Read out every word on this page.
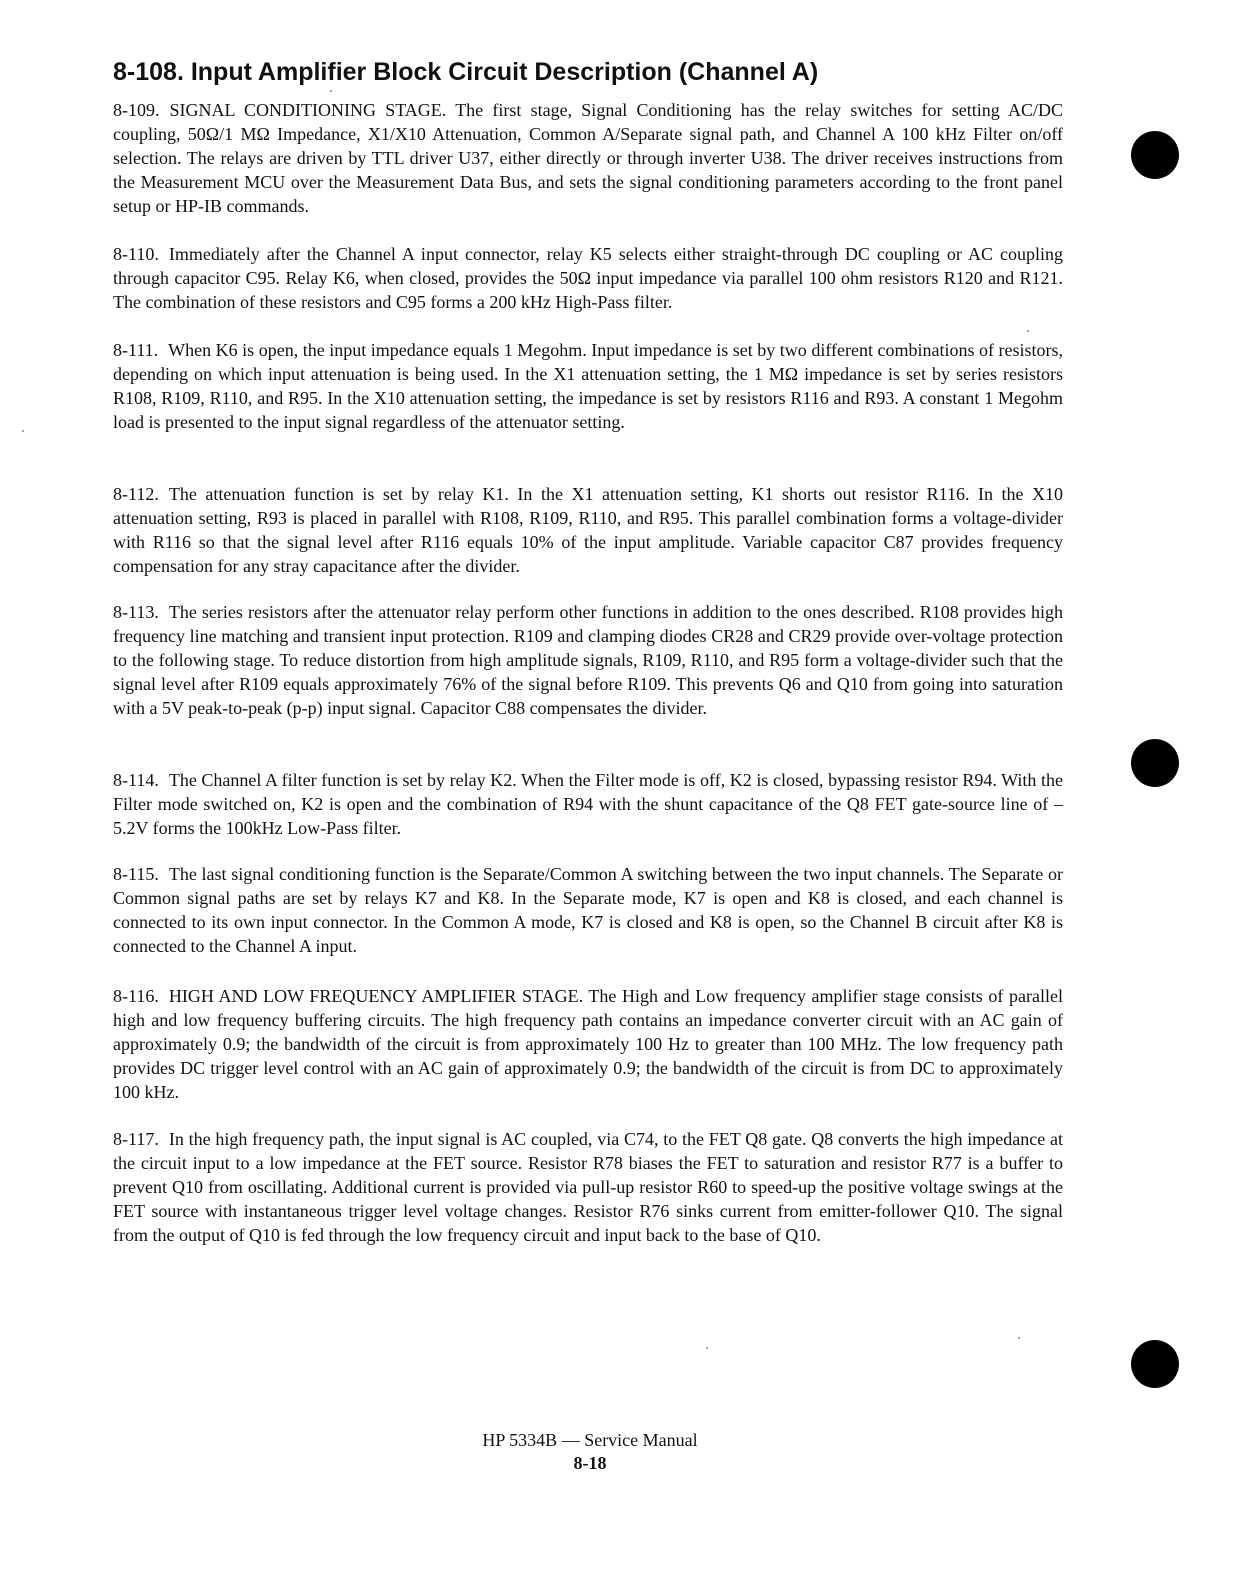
8-108. Input Amplifier Block Circuit Description (Channel A)

8-109. SIGNAL CONDITIONING STAGE. The first stage, Signal Conditioning has the relay switches for setting AC/DC coupling, 50Ω/1 MΩ Impedance, X1/X10 Attenuation, Common A/Separate signal path, and Channel A 100 kHz Filter on/off selection. The relays are driven by TTL driver U37, either directly or through inverter U38. The driver receives instructions from the Measurement MCU over the Measurement Data Bus, and sets the signal conditioning parameters according to the front panel setup or HP-IB commands.

8-110. Immediately after the Channel A input connector, relay K5 selects either straight-through DC coupling or AC coupling through capacitor C95. Relay K6, when closed, provides the 50Ω input impedance via parallel 100 ohm resistors R120 and R121. The combination of these resistors and C95 forms a 200 kHz High-Pass filter.

8-111. When K6 is open, the input impedance equals 1 Megohm. Input impedance is set by two different combinations of resistors, depending on which input attenuation is being used. In the X1 attenuation setting, the 1 MΩ impedance is set by series resistors R108, R109, R110, and R95. In the X10 attenuation setting, the impedance is set by resistors R116 and R93. A constant 1 Megohm load is presented to the input signal regardless of the attenuator setting.

8-112. The attenuation function is set by relay K1. In the X1 attenuation setting, K1 shorts out resistor R116. In the X10 attenuation setting, R93 is placed in parallel with R108, R109, R110, and R95. This parallel combination forms a voltage-divider with R116 so that the signal level after R116 equals 10% of the input amplitude. Variable capacitor C87 provides frequency compensation for any stray capacitance after the divider.

8-113. The series resistors after the attenuator relay perform other functions in addition to the ones described. R108 provides high frequency line matching and transient input protection. R109 and clamping diodes CR28 and CR29 provide over-voltage protection to the following stage. To reduce distortion from high amplitude signals, R109, R110, and R95 form a voltage-divider such that the signal level after R109 equals approximately 76% of the signal before R109. This prevents Q6 and Q10 from going into saturation with a 5V peak-to-peak (p-p) input signal. Capacitor C88 compensates the divider.

8-114. The Channel A filter function is set by relay K2. When the Filter mode is off, K2 is closed, bypassing resistor R94. With the Filter mode switched on, K2 is open and the combination of R94 with the shunt capacitance of the Q8 FET gate-source line of –5.2V forms the 100kHz Low-Pass filter.

8-115. The last signal conditioning function is the Separate/Common A switching between the two input channels. The Separate or Common signal paths are set by relays K7 and K8. In the Separate mode, K7 is open and K8 is closed, and each channel is connected to its own input connector. In the Common A mode, K7 is closed and K8 is open, so the Channel B circuit after K8 is connected to the Channel A input.

8-116. HIGH AND LOW FREQUENCY AMPLIFIER STAGE. The High and Low frequency amplifier stage consists of parallel high and low frequency buffering circuits. The high frequency path contains an impedance converter circuit with an AC gain of approximately 0.9; the bandwidth of the circuit is from approximately 100 Hz to greater than 100 MHz. The low frequency path provides DC trigger level control with an AC gain of approximately 0.9; the bandwidth of the circuit is from DC to approximately 100 kHz.

8-117. In the high frequency path, the input signal is AC coupled, via C74, to the FET Q8 gate. Q8 converts the high impedance at the circuit input to a low impedance at the FET source. Resistor R78 biases the FET to saturation and resistor R77 is a buffer to prevent Q10 from oscillating. Additional current is provided via pull-up resistor R60 to speed-up the positive voltage swings at the FET source with instantaneous trigger level voltage changes. Resistor R76 sinks current from emitter-follower Q10. The signal from the output of Q10 is fed through the low frequency circuit and input back to the base of Q10.

HP 5334B — Service Manual
8-18
